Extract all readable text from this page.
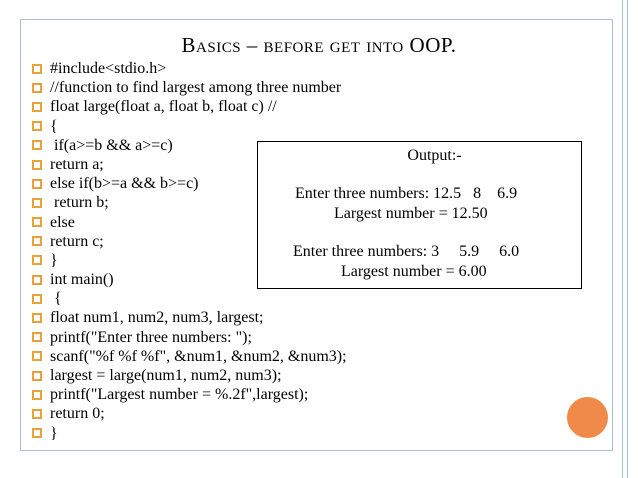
Basics – before get into OOP.
#include<stdio.h>
//function to find largest among three number
float large(float a, float b, float c) //
{
if(a>=b && a>=c)
return a;
else if(b>=a && b>=c)
return b;
else
return c;
}
int main()
{
float num1, num2, num3, largest;
printf("Enter three numbers: ");
scanf("%f %f %f", &num1, &num2, &num3);
largest = large(num1, num2, num3);
printf("Largest number = %.2f",largest);
return 0;
}
Output:-
Enter three numbers: 12.5   8    6.9
Largest number = 12.50
Enter three numbers: 3     5.9     6.0
Largest number = 6.00
